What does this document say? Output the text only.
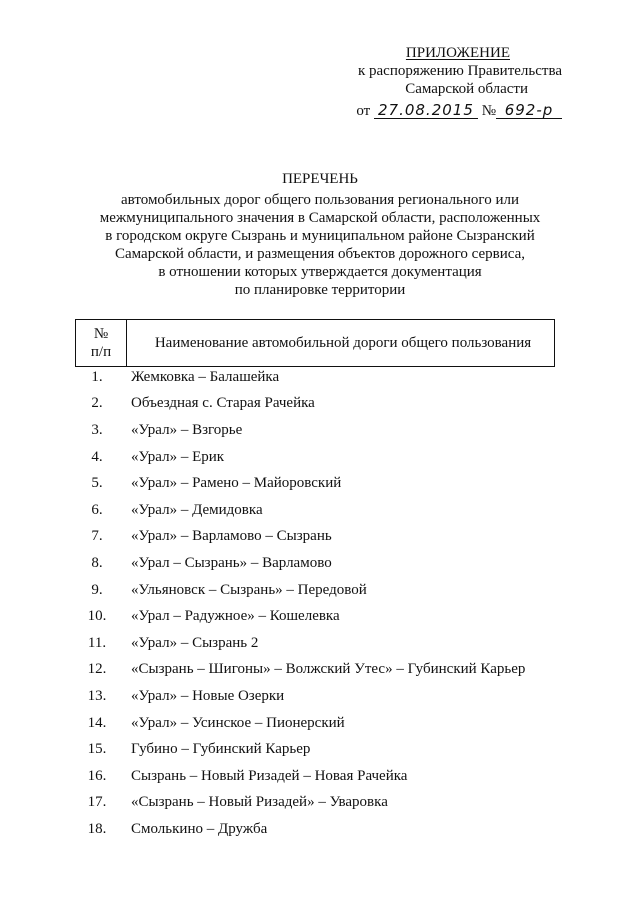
ПРИЛОЖЕНИЕ
к распоряжению Правительства
Самарской области
от 27.08.2015 № 692-р
ПЕРЕЧЕНЬ
автомобильных дорог общего пользования регионального или
межмуниципального значения в Самарской области, расположенных
в городском округе Сызрань и муниципальном районе Сызранский
Самарской области, и размещения объектов дорожного сервиса,
в отношении которых утверждается документация
по планировке территории
№
п/п	Наименование автомобильной дороги общего пользования
1.	Жемковка – Балашейка
2.	Объездная с. Старая Рачейка
3.	«Урал» – Взгорье
4.	«Урал» – Ерик
5.	«Урал» – Рамено – Майоровский
6.	«Урал» – Демидовка
7.	«Урал» – Варламово – Сызрань
8.	«Урал – Сызрань» – Варламово
9.	«Ульяновск – Сызрань» – Передовой
10.	«Урал – Радужное» – Кошелевка
11.	«Урал» – Сызрань 2
12.	«Сызрань – Шигоны» – Волжский Утес» – Губинский Карьер
13.	«Урал» – Новые Озерки
14.	«Урал» – Усинское – Пионерский
15.	Губино – Губинский Карьер
16.	Сызрань – Новый Ризадей – Новая Рачейка
17.	«Сызрань – Новый Ризадей» – Уваровка
18.	Смолькино – Дружба
